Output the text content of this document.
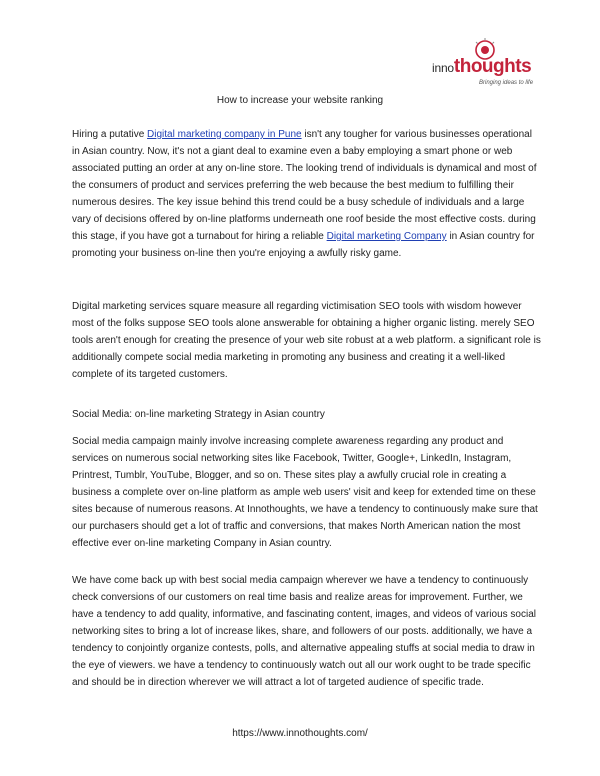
innothoughts
Bringing ideas to life
How to increase your website ranking

Hiring a putative Digital marketing company in Pune isn't any tougher for various businesses operational in Asian country. Now, it's not a giant deal to examine even a baby employing a smart phone or web associated putting an order at any on-line store. The looking trend of individuals is dynamical and most of the consumers of product and services preferring the web because the best medium to fulfilling their numerous desires. The key issue behind this trend could be a busy schedule of individuals and a large vary of decisions offered by on-line platforms underneath one roof beside the most effective costs. during this stage, if you have got a turnabout for hiring a reliable Digital marketing Company in Asian country for promoting your business on-line then you're enjoying a awfully risky game.

Digital marketing services square measure all regarding victimisation SEO tools with wisdom however most of the folks suppose SEO tools alone answerable for obtaining a higher organic listing. merely SEO tools aren't enough for creating the presence of your web site robust at a web platform. a significant role is additionally compete social media marketing in promoting any business and creating it a well-liked complete of its targeted customers.

Social Media: on-line marketing Strategy in Asian country

Social media campaign mainly involve increasing complete awareness regarding any product and services on numerous social networking sites like Facebook, Twitter, Google+, LinkedIn, Instagram, Printrest, Tumblr, YouTube, Blogger, and so on. These sites play a awfully crucial role in creating a business a complete over on-line platform as ample web users' visit and keep for extended time on these sites because of numerous reasons. At Innothoughts, we have a tendency to continuously make sure that our purchasers should get a lot of traffic and conversions, that makes North American nation the most effective ever on-line marketing Company in Asian country.

We have come back up with best social media campaign wherever we have a tendency to continuously check conversions of our customers on real time basis and realize areas for improvement. Further, we have a tendency to add quality, informative, and fascinating content, images, and videos of various social networking sites to bring a lot of increase likes, share, and followers of our posts. additionally, we have a tendency to conjointly organize contests, polls, and alternative appealing stuffs at social media to draw in the eye of viewers. we have a tendency to continuously watch out all our work ought to be trade specific and should be in direction wherever we will attract a lot of targeted audience of specific trade.

https://www.innothoughts.com/
